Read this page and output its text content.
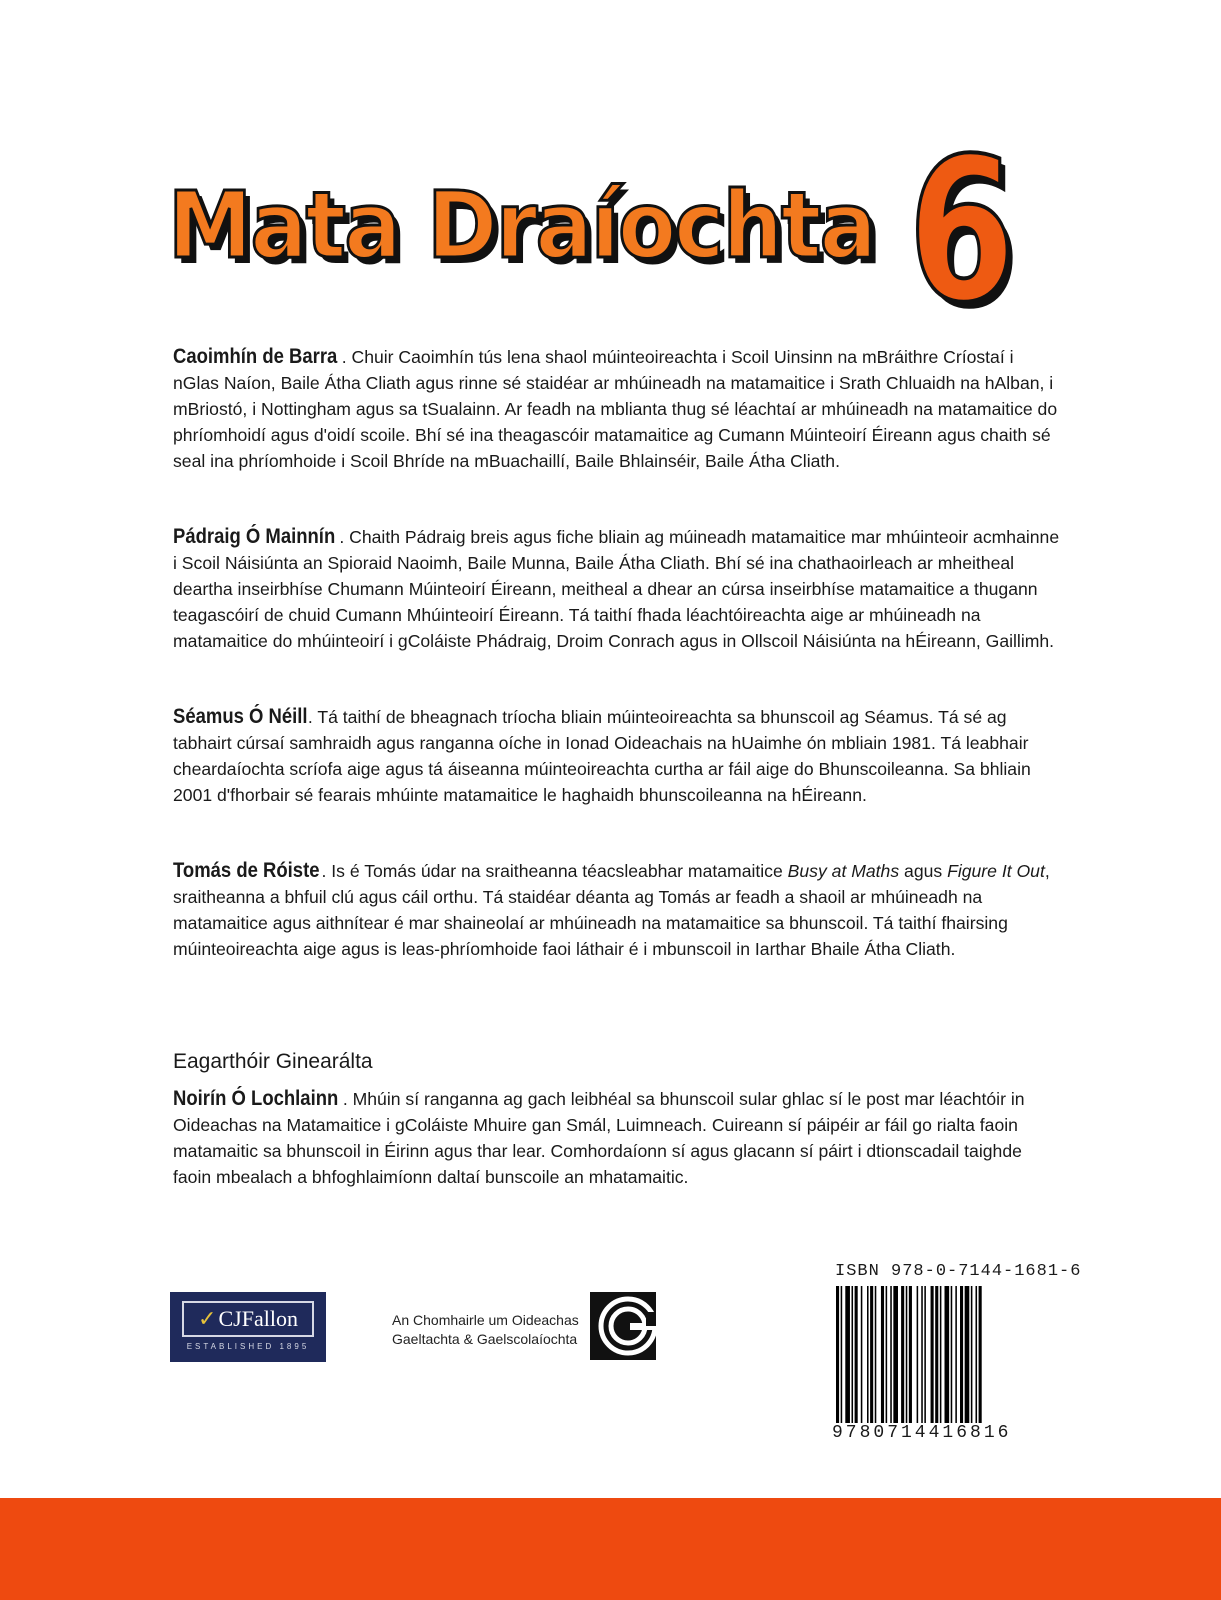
Mata Draíochta 6

Caoimhín de Barra . Chuir Caoimhín tús lena shaol múinteoireachta i Scoil Uinsinn na mBráithre Críostaí i nGlas Naíon, Baile Átha Cliath agus rinne sé staidéar ar mhúineadh na matamaitice i Srath Chluaidh na hAlban, i mBriostó, i Nottingham agus sa tSualainn. Ar feadh na mblianta thug sé léachtaí ar mhúineadh na matamaitice do phríomhoidí agus d'oidí scoile. Bhí sé ina theagascóir matamaitice ag Cumann Múinteoirí Éireann agus chaith sé seal ina phríomhoide i Scoil Bhríde na mBuachaillí, Baile Bhlainséir, Baile Átha Cliath.

Pádraig Ó Mainnín . Chaith Pádraig breis agus fiche bliain ag múineadh matamaitice mar mhúinteoir acmhainne i Scoil Náisiúnta an Spioraid Naoimh, Baile Munna, Baile Átha Cliath. Bhí sé ina chathaoirleach ar mheitheal deartha inseirbhíse Chumann Múinteoirí Éireann, meitheal a dhear an cúrsa inseirbhíse matamaitice a thugann teagascóirí de chuid Cumann Mhúinteoirí Éireann. Tá taithí fhada léachtóireachta aige ar mhúineadh na matamaitice do mhúinteoirí i gColáiste Phádraig, Droim Conrach agus in Ollscoil Náisiúnta na hÉireann, Gaillimh.

Séamus Ó Néill. Tá taithí de bheagnach tríocha bliain múinteoireachta sa bhunscoil ag Séamus. Tá sé ag tabhairt cúrsaí samhraidh agus ranganna oíche in Ionad Oideachais na hUaimhe ón mbliain 1981. Tá leabhair cheardaíochta scríofa aige agus tá áiseanna múinteoireachta curtha ar fáil aige do Bhunscoileanna. Sa bhliain 2001 d'fhorbair sé fearais mhúinte matamaitice le haghaidh bhunscoileanna na hÉireann.

Tomás de Róiste . Is é Tomás údar na sraitheanna téacsleabhar matamaitice Busy at Maths agus Figure It Out, sraitheanna a bhfuil clú agus cáil orthu. Tá staidéar déanta ag Tomás ar feadh a shaoil ar mhúineadh na matamaitice agus aithnítear é mar shaineolaí ar mhúineadh na matamaitice sa bhunscoil. Tá taithí fhairsing múinteoireachta aige agus is leas-phríomhoide faoi láthair é i mbunscoil in Iarthar Bhaile Átha Cliath.

Eagarthóir Ginearálta

Noirín Ó Lochlainn . Mhúin sí ranganna ag gach leibhéal sa bhunscoil sular ghlac sí le post mar léachtóir in Oideachas na Matamaitice i gColáiste Mhuire gan Smál, Luimneach. Cuireann sí páipéir ar fáil go rialta faoin matamaitic sa bhunscoil in Éirinn agus thar lear. Comhordaíonn sí agus glacann sí páirt i dtionscadail taighde faoin mbealach a bhfoghlaimíonn daltaí bunscoile an mhatamaitic.

✓ CJFallon
ESTABLISHED 1895
An Chomhairle um Oideachas
Gaeltachta & Gaelscolaíochta
ISBN 978-0-7144-1681-6
9780714416816
